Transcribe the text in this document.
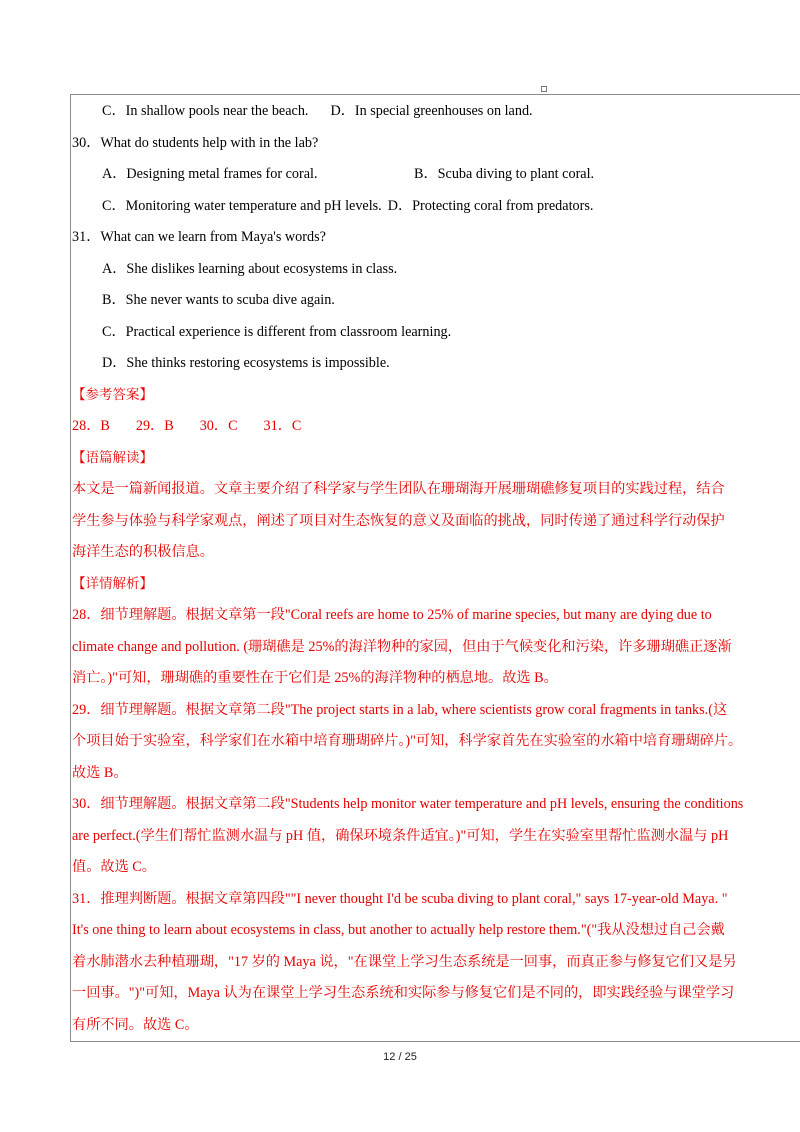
C．In shallow pools near the beach. D．In special greenhouses on land.
30．What do students help with in the lab?
A．Designing metal frames for coral.	B．Scuba diving to plant coral.
C．Monitoring water temperature and pH levels. D．Protecting coral from predators.
31．What can we learn from Maya's words?
A．She dislikes learning about ecosystems in class.
B．She never wants to scuba dive again.
C．Practical experience is different from classroom learning.
D．She thinks restoring ecosystems is impossible.
【参考答案】
28．B 29．B 30．C 31．C
【语篇解读】
本文是一篇新闻报道。文章主要介绍了科学家与学生团队在珊瑚海开展珊瑚礁修复项目的实践过程，结合
学生参与体验与科学家观点，阐述了项目对生态恢复的意义及面临的挑战，同时传递了通过科学行动保护
海洋生态的积极信息。
【详情解析】
28．细节理解题。根据文章第一段"Coral reefs are home to 25% of marine species, but many are dying due to
climate change and pollution. (珊瑚礁是 25%的海洋物种的家园，但由于气候变化和污染，许多珊瑚礁正逐渐
消亡。)"可知，珊瑚礁的重要性在于它们是 25%的海洋物种的栖息地。故选 B。
29．细节理解题。根据文章第二段"The project starts in a lab, where scientists grow coral fragments in tanks.(这
个项目始于实验室，科学家们在水箱中培育珊瑚碎片。)"可知，科学家首先在实验室的水箱中培育珊瑚碎片。
故选 B。
30．细节理解题。根据文章第二段"Students help monitor water temperature and pH levels, ensuring the conditions
are perfect.(学生们帮忙监测水温与 pH 值，确保环境条件适宜。)"可知，学生在实验室里帮忙监测水温与 pH
值。故选 C。
31．推理判断题。根据文章第四段""I never thought I'd be scuba diving to plant coral," says 17-year-old Maya. "
It's one thing to learn about ecosystems in class, but another to actually help restore them."("我从没想过自己会戴
着水肺潜水去种植珊瑚，"17 岁的 Maya 说，"在课堂上学习生态系统是一回事，而真正参与修复它们又是另
一回事。")"可知，Maya 认为在课堂上学习生态系统和实际参与修复它们是不同的，即实践经验与课堂学习
有所不同。故选 C。
12 / 25
